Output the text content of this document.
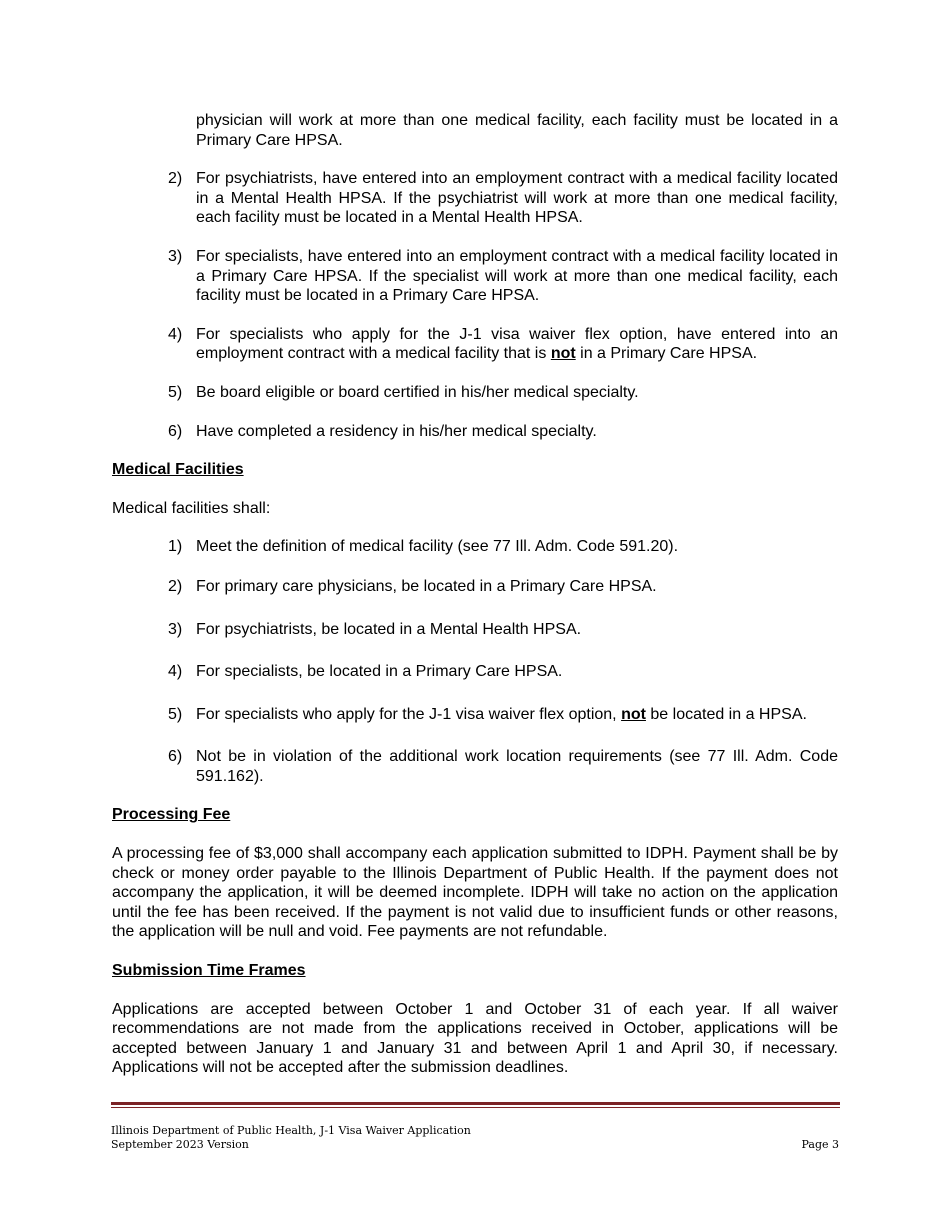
physician will work at more than one medical facility, each facility must be located in a Primary Care HPSA.

2) For psychiatrists, have entered into an employment contract with a medical facility located in a Mental Health HPSA. If the psychiatrist will work at more than one medical facility, each facility must be located in a Mental Health HPSA.
3) For specialists, have entered into an employment contract with a medical facility located in a Primary Care HPSA. If the specialist will work at more than one medical facility, each facility must be located in a Primary Care HPSA.
4) For specialists who apply for the J-1 visa waiver flex option, have entered into an employment contract with a medical facility that is not in a Primary Care HPSA.
5) Be board eligible or board certified in his/her medical specialty.
6) Have completed a residency in his/her medical specialty.

Medical Facilities

Medical facilities shall:

1) Meet the definition of medical facility (see 77 Ill. Adm. Code 591.20).
2) For primary care physicians, be located in a Primary Care HPSA.
3) For psychiatrists, be located in a Mental Health HPSA.
4) For specialists, be located in a Primary Care HPSA.
5) For specialists who apply for the J-1 visa waiver flex option, not be located in a HPSA.
6) Not be in violation of the additional work location requirements (see 77 Ill. Adm. Code 591.162).

Processing Fee

A processing fee of $3,000 shall accompany each application submitted to IDPH. Payment shall be by check or money order payable to the Illinois Department of Public Health. If the payment does not accompany the application, it will be deemed incomplete. IDPH will take no action on the application until the fee has been received. If the payment is not valid due to insufficient funds or other reasons, the application will be null and void. Fee payments are not refundable.

Submission Time Frames

Applications are accepted between October 1 and October 31 of each year. If all waiver recommendations are not made from the applications received in October, applications will be accepted between January 1 and January 31 and between April 1 and April 30, if necessary. Applications will not be accepted after the submission deadlines.

Illinois Department of Public Health, J-1 Visa Waiver Application
September 2023 Version	Page 3
